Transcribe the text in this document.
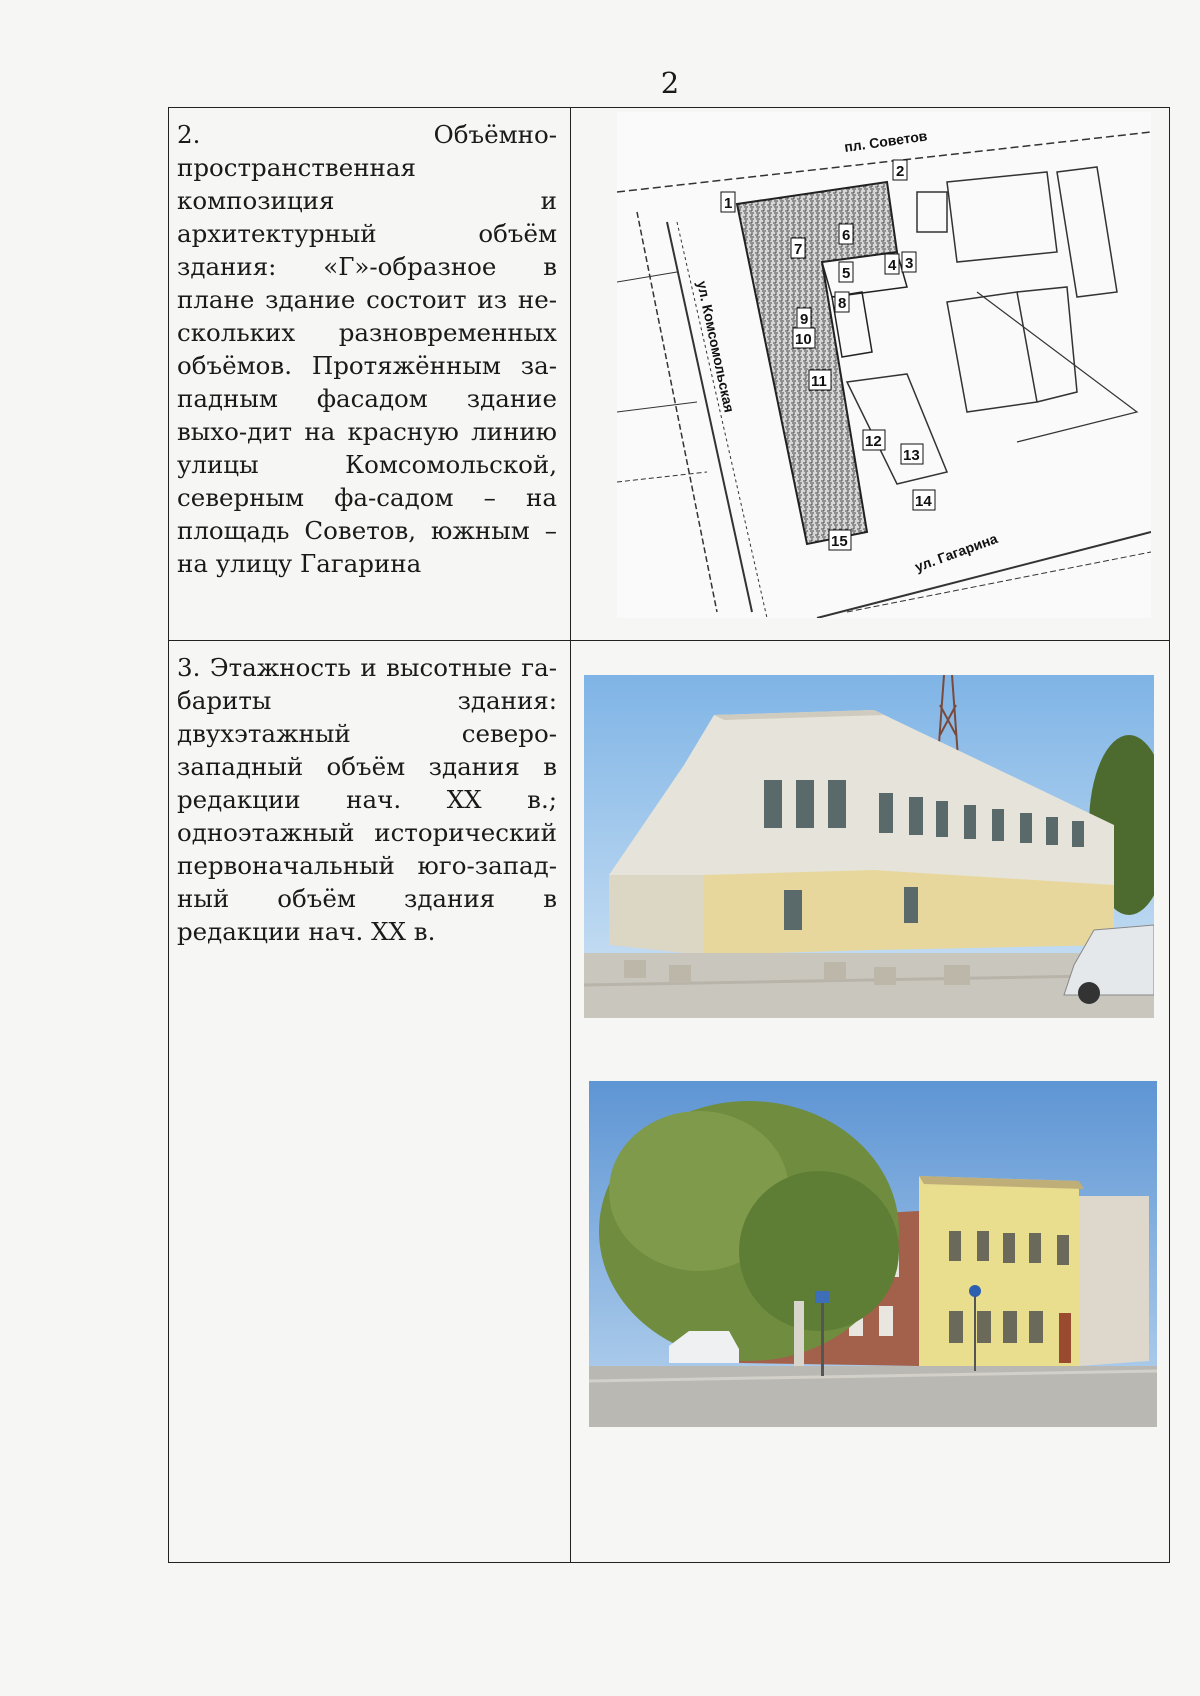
2
2. Объёмно-пространственная композиция и архитектурный объём здания: «Г»-образное в плане здание состоит из не-скольких разновременных объёмов. Протяжённым за-падным фасадом здание выхо-дит на красную линию улицы Комсомольской, северным фа-садом – на площадь Советов, южным – на улицу Гагарина
1
2
3
4
5
6
7
8
9
10
11
12
13
14
15
пл. Советов
ул. Комсомольская
ул. Гагарина
3. Этажность и высотные га-бариты здания: двухэтажный северо-западный объём здания в редакции нач. XX в.; одноэтажный исторический первоначальный юго-запад-ный объём здания в редакции нач. XX в.
